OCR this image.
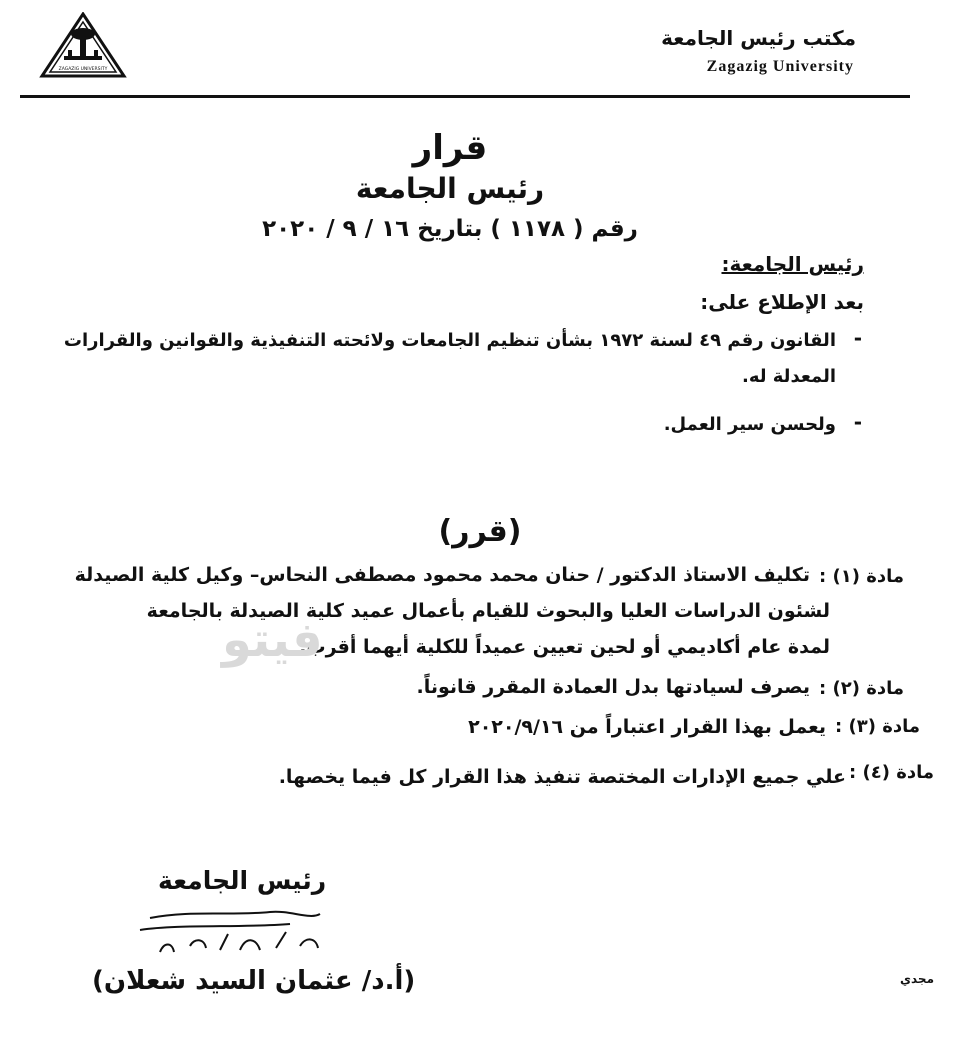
مكتب رئيس الجامعة
Zagazig University
ZAGAZIG UNIVERSITY
قرار
رئيس الجامعة
رقم ( ١١٧٨ ) بتاريخ ١٦ / ٩ / ٢٠٢٠
رئيس الجامعة:
بعد الإطلاع على:
-
القانون رقم ٤٩ لسنة ١٩٧٢ بشأن تنظيم الجامعات ولائحته التنفيذية والقوانين والقرارات
المعدلة له.
-
ولحسن سير العمل.
(قرر)
مادة (١) :
تكليف الاستاذ الدكتور / حنان محمد محمود مصطفى النحاس– وكيل كلية الصيدلة
لشئون الدراسات العليا والبحوث للقيام بأعمال عميد كلية الصيدلة بالجامعة
لمدة عام أكاديمي أو لحين تعيين عميداً للكلية أيهما أقرب.
مادة (٢) :
يصرف لسيادتها بدل العمادة المقرر قانوناً.
مادة (٣) :
يعمل بهذا القرار اعتباراً من ٢٠٢٠/٩/١٦
مادة (٤) :
علي جميع الإدارات المختصة تنفيذ هذا القرار كل فيما يخصها.
فيتو
رئيس الجامعة
(أ.د/ عثمان السيد شعلان)	مجدي
